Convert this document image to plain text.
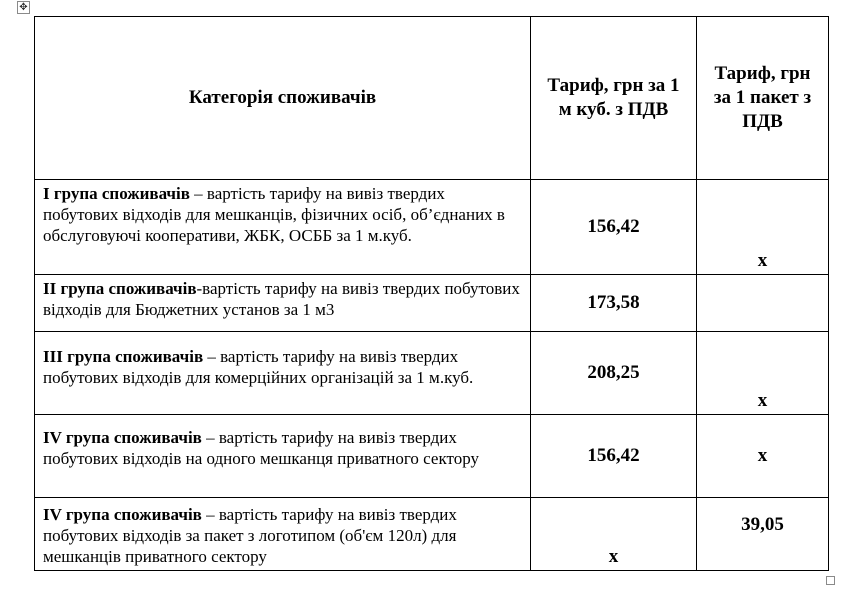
✥
Категорія споживачів	Тариф, грн за 1 м куб. з ПДВ	Тариф, грн за 1 пакет з ПДВ
I група споживачів – вартість тарифу на вивіз твердих побутових відходів для мешканців, фізичних осіб, об’єднаних в обслуговуючі кооперативи, ЖБК, ОСББ за 1 м.куб.	156,42	х
II група споживачів-вартість тарифу на вивіз твердих побутових відходів для Бюджетних установ за 1 м3	173,58	
III група споживачів – вартість тарифу на вивіз твердих побутових відходів для комерційних організацій за 1 м.куб.	208,25	х
IV група споживачів – вартість тарифу на вивіз твердих побутових відходів на одного мешканця приватного сектору	156,42	х
IV група споживачів – вартість тарифу на вивіз твердих побутових відходів за пакет з логотипом (об'єм 120л) для мешканців приватного сектору	х	39,05
